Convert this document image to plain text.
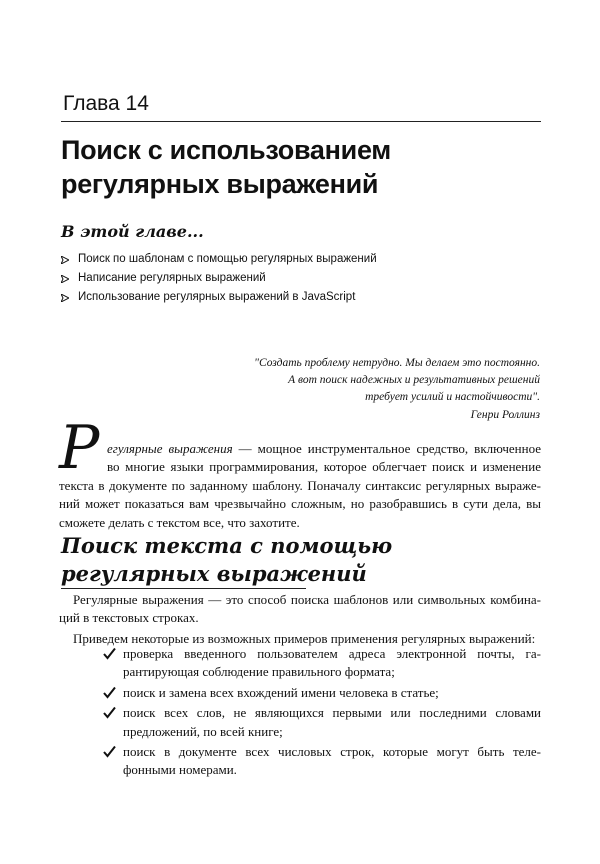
Глава 14
Поиск с использованием
регулярных выражений
В этой главе...
Поиск по шаблонам с помощью регулярных выражений
Написание регулярных выражений
Использование регулярных выражений в JavaScript
"Создать проблему нетрудно. Мы делаем это постоянно.
А вот поиск надежных и результативных решений
требует усилий и настойчивости".
Генри Роллинз
Р егулярные выражения — мощное инструментальное средство, включенное
во многие языки программирования, которое облегчает поиск и изменение
текста в документе по заданному шаблону. Поначалу синтаксис регулярных выраже-
ний может показаться вам чрезвычайно сложным, но разобравшись в сути дела, вы
сможете делать с текстом все, что захотите.
Поиск текста с помощью
регулярных выражений

Регулярные выражения — это способ поиска шаблонов или символьных комбина-
ций в текстовых строках.

Приведем некоторые из возможных примеров применения регулярных выражений:

проверка введенного пользователем адреса электронной почты, га-
рантирующая соблюдение правильного формата;
поиск и замена всех вхождений имени человека в статье;
поиск всех слов, не являющихся первыми или последними словами
предложений, по всей книге;
поиск в документе всех числовых строк, которые могут быть теле-
фонными номерами.
